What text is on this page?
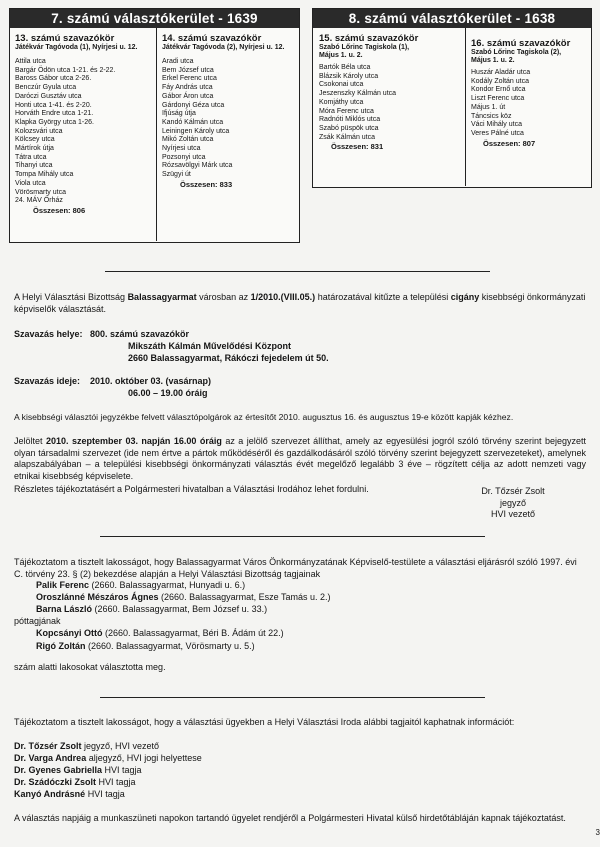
7. számú választókerület - 1639
13. számú szavazókör
Játékvár Tagóvoda (1), Nyírjesi u. 12.
Attila utca
Bargár Ödön utca 1-21. és 2-22.
Baross Gábor utca 2-26.
Benczúr Gyula utca
Daróczi Gusztáv utca
Honti utca 1-41. és 2-20.
Horváth Endre utca 1-21.
Klapka György utca 1-26.
Kolozsvári utca
Kölcsey utca
Mártírok útja
Tátra utca
Tihanyi utca
Tompa Mihály utca
Viola utca
Vörösmarty utca
24. MÁV Őrház
Összesen: 806
14. számú szavazókör
Játékvár Tagóvoda (2), Nyírjesi u. 12.
Aradi utca
Bem József utca
Erkel Ferenc utca
Fáy András utca
Gábor Áron utca
Gárdonyi Géza utca
Ifjúság útja
Kandó Kálmán utca
Leiningen Károly utca
Mikó Zoltán utca
Nyírjesi utca
Pozsonyi utca
Rózsavölgyi Márk utca
Szügyi út
Összesen: 833
8. számú választókerület - 1638
15. számú szavazókör
Szabó Lőrinc Tagiskola (1),
Május 1. u. 2.
Bartók Béla utca
Blázsik Károly utca
Csokonai utca
Jeszenszky Kálmán utca
Komjáthy utca
Móra Ferenc utca
Radnóti Miklós utca
Szabó püspök utca
Zsák Kálmán utca
Összesen: 831
16. számú szavazókör
Szabó Lőrinc Tagiskola (2),
Május 1. u. 2.
Huszár Aladár utca
Kodály Zoltán utca
Kondor Ernő utca
Liszt Ferenc utca
Május 1. út
Táncsics köz
Váci Mihály utca
Veres Pálné utca
Összesen: 807
A Helyi Választási Bizottság Balassagyarmat városban az 1/2010.(VIII.05.) határozatával kitűzte a települési cigány kisebbségi önkormányzati képviselők választását.
Szavazás helye: 800. számú szavazókör
Mikszáth Kálmán Művelődési Központ
2660 Balassagyarmat, Rákóczi fejedelem út 50.
Szavazás ideje: 2010. október 03. (vasárnap)
06.00 – 19.00 óráig
A kisebbségi választói jegyzékbe felvett választópolgárok az értesítőt 2010. augusztus 16. és augusztus 19-e között kapják kézhez.
Jelöltet 2010. szeptember 03. napján 16.00 óráig az a jelölő szervezet állíthat, amely az egyesülési jogról szóló törvény szerint bejegyzett olyan társadalmi szervezet (ide nem értve a pártok működéséről és gazdálkodásáról szóló törvény szerint bejegyzett szervezeteket), amelynek alapszabályában – a települési kisebbségi önkormányzati választás évét megelőző legalább 3 éve – rögzített célja az adott nemzeti vagy etnikai kisebbség képviselete.
Részletes tájékoztatásért a Polgármesteri hivatalban a Választási Irodához lehet fordulni.	Dr. Tőzsér Zsolt
jegyző
HVI vezető
Tájékoztatom a tisztelt lakosságot, hogy Balassagyarmat Város Önkormányzatának Képviselő-testülete a választási eljárásról szóló 1997. évi C. törvény 23. § (2) bekezdése alapján a Helyi Választási Bizottság tagjainak
Palik Ferenc (2660. Balassagyarmat, Hunyadi u. 6.)
Oroszlánné Mészáros Ágnes (2660. Balassagyarmat, Esze Tamás u. 2.)
Barna László (2660. Balassagyarmat, Bem József u. 33.)
póttagjának
Kopcsányi Ottó (2660. Balassagyarmat, Béri B. Ádám út 22.)
Rigó Zoltán (2660. Balassagyarmat, Vörösmarty u. 5.)
szám alatti lakosokat választotta meg.
Tájékoztatom a tisztelt lakosságot, hogy a választási ügyekben a Helyi Választási Iroda alábbi tagjaitól kaphatnak információt:
Dr. Tőzsér Zsolt jegyző, HVI vezető
Dr. Varga Andrea aljegyző, HVI jogi helyettese
Dr. Gyenes Gabriella HVI tagja
Dr. Szádóczki Zsolt HVI tagja
Kanyó Andrásné HVI tagja
A választás napjáig a munkaszüneti napokon tartandó ügyelet rendjéről a Polgármesteri Hivatal külső hirdetőtábláján kapnak tájékoztatást.
3
